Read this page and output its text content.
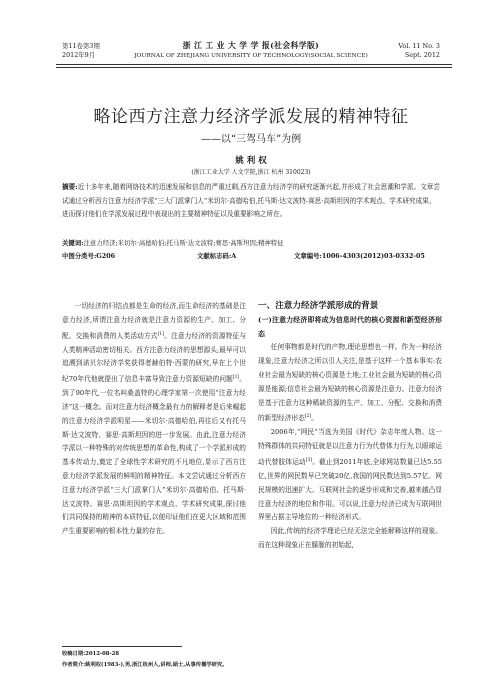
第11卷第3期
2012年9月
浙 江 工 业 大 学 学 报(社会科学版)
JOURNAL OF ZHEJIANG UNIVERSITY OF TECHNOLOGY(SOCIAL SCIENCE)
Vol. 11 No. 3
Sept. 2012
略论西方注意力经济学派发展的精神特征
——以“三驾马车”为例
姚 利 权
(浙江工业大学 人文学院,浙江 杭州 310023)
摘要:近十多年来,随着网络技术的迅速发展和信息的严重过剩,西方注意力经济学的研究逐渐兴起,并形成了社会思潮和学派。文章尝试通过分析西方注意力经济学派“三大门派掌门人”米切尔·高德哈伯,托马斯·达文波特-赛思·高斯坦因的学术观点、学术研究成果、进而探讨他们在学派发展过程中表现出的主要精神特征以及重要影响之所在。
关键词:注意力经济;米切尔·高德哈伯;托马斯·达文波特;赛思·高斯坦因;精神特征
中图分类号:G206	文献标志码:A	文章编号:1006-4303(2012)03-0332-05

一切经济的归结点都是生命的经济,而生命经济的基础是注意力经济,所谓注意力经济就是注意力资源的生产、加工、分配、交换和消费的人类活动方式[1]。注意力经济的资源特征与人类精神活动密切相关。西方注意力经济的思想源头,最早可以追溯到诺贝尔经济学奖获得者赫伯特·西蒙的研究,早在上个世纪70年代他就提出了信息丰富导致注意力资源短缺的问题[1]。到了90年代,一位名叫桑盖特的心理学家第一次使用“注意力经济”这一概念。而对注意力经济概念最有力的解释者是后来崛起的注意力经济学派明星——米切尔·高德哈伯,再往后又有托马斯·达文波特、赛思·高斯坦因的进一步发展。由此,注意力经济学派以一种特殊的对传统思想的革命性,构成了一个学派形成的基本传动力,奠定了全球性学术研究的不凡地位,显示了西方注意力经济学派发展的鲜明的精神特征。本文尝试通过分析西方注意力经济学派“三大门派掌门人”米切尔·高德哈伯、托马斯·达文波特、赛思·高斯坦因的学术观点、学术研究成果,探讨他们共同保持的精神的本质特征,以便印证他们在更大区域和范围产生重要影响的根本性力量的存在。

一、注意力经济学派形成的背景

(一)注意力经济即将成为信息时代的核心资源和新型经济形态

任何事物都是时代的产物,理论思想也一样。作为一种经济现象,注意力经济之所以引人关注,是基于这样一个基本事实:农业社会最为短缺的核心资源是土地;工业社会最为短缺的核心资源是能源;信息社会最为短缺的核心资源是注意力。注意力经济是基于注意力这种稀缺资源的生产、加工、分配、交换和消费的新型经济形态[2]。

2006年,“网民”当选为美国《时代》杂志年度人物。这一特殊群体的共同特征就是以注意力行为代替体力行为,以眼球运动代替肢体运动[3]。截止到2011年底,全球网站数量已达5.55亿,世界的网民数早已突破20亿,我国的网民数达到5.57亿。网民规模的迅速扩大、互联网社会的逐步形成和完善,越来越凸显注意力经济的地位和作用。可以说,注意力经济已成为互联网世界里占据主导地位的一种经济形式。

因此,传统的经济学理论已经无法完全能解释这样的现象。而在这种现象正在朦胧的初始起,

收稿日期:2012-08-28
作者简介:姚利权(1983-),男,浙江杭州人,讲师,硕士,从事传播学研究。
